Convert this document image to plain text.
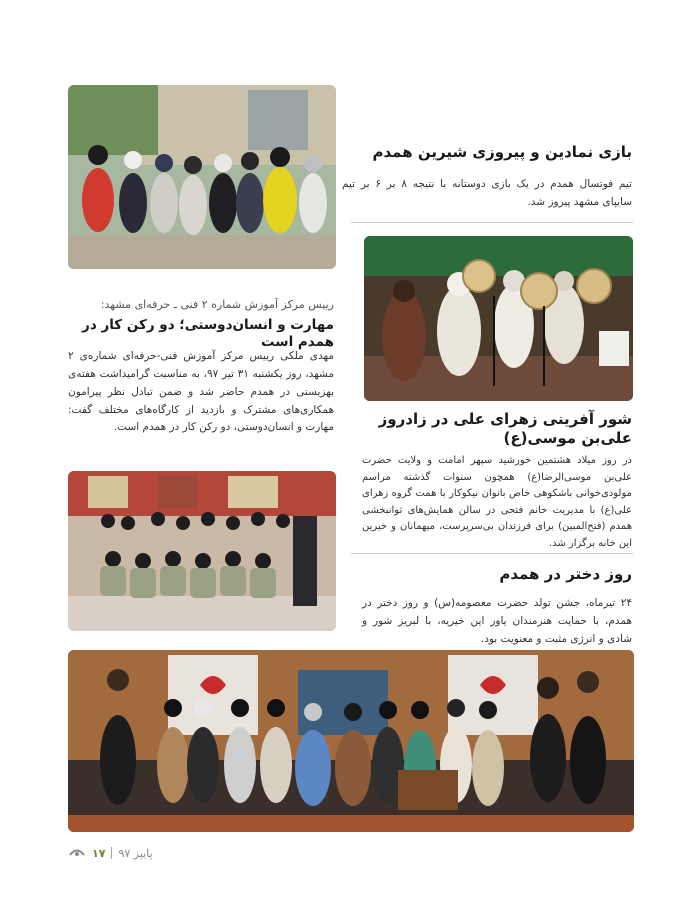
بازی نمادین و پیروزی شیرین همدم
تیم فوتسال همدم در یک بازی دوستانه با نتیجه ۸ بر ۶ بر تیم سایپای مشهد پیروز شد.
رییس مرکز آموزش شماره ۲ فنی ـ حرفه‌ای مشهد:
مهارت و انسان‌دوستی؛ دو رکن کار در همدم است
مهدی ملکی رییس مرکز آموزش فنی-حرفه‌ای شماره‌ی ۲ مشهد، روز یکشنبه ۳۱ تیر ۹۷، به مناسبت گرامیداشت هفته‌ی بهزیستی در همدم حاضر شد و ضمن تبادل نظر پیرامون همکاری‌های مشترک و بازدید از کارگاه‌های مختلف گفت: مهارت و انسان‌دوستی، دو رکن کار در همدم است.	شور آفرینی زهرای علی در زادروز علی‌بن موسی(ع)
در روز میلاد هشتمین خورشید سپهر امامت و ولایت حضرت علی‌بن موسی‌الرضا(ع) همچون سنوات گذشته مراسم مولودی‌خوانی باشکوهی خاص بانوان نیکوکار با همت گروه زهرای علی(ع) با مدیریت خانم فتحی در سالن همایش‌های توانبخشی همدم (فتح‌المبین) برای فرزندان بی‌سرپرست، میهمانان و خیرین این خانه برگزار شد.
روز دختر در همدم
۲۴ تیرماه، جشن تولد حضرت معصومه(س) و روز دختر در همدم، با حمایت هنرمندان یاور این خیریه، با لبریز شور و شادی و انرژی مثبت و معنویت بود.
۱۷ پاییز ۹۷
